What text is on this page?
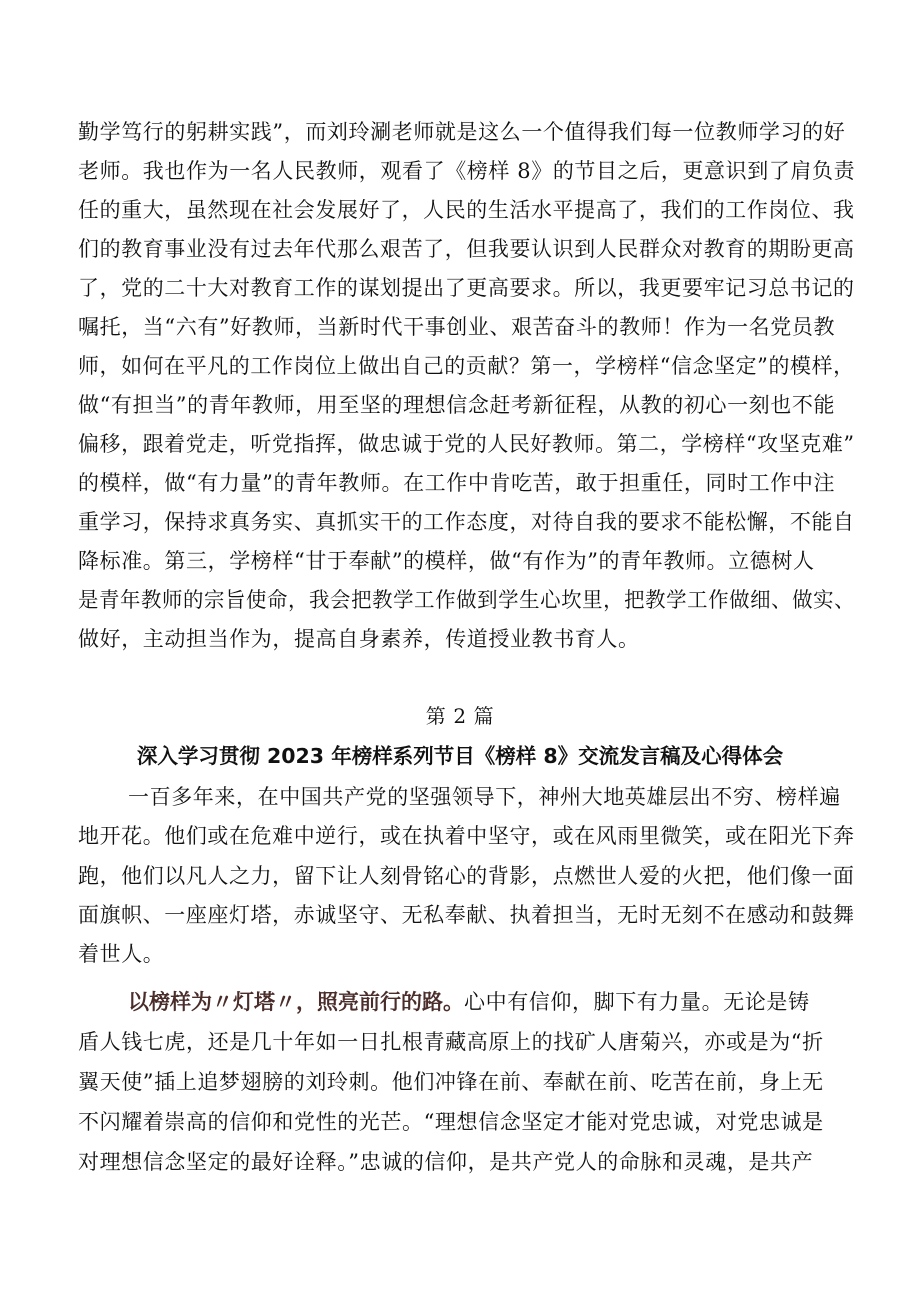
勤学笃行的躬耕实践”，而刘玲涮老师就是这么一个值得我们每一位教师学习的好
老师。我也作为一名人民教师，观看了《榜样 8》的节目之后，更意识到了肩负责
任的重大，虽然现在社会发展好了，人民的生活水平提高了，我们的工作岗位、我
们的教育事业没有过去年代那么艰苦了，但我要认识到人民群众对教育的期盼更高
了，党的二十大对教育工作的谋划提出了更高要求。所以，我更要牢记习总书记的
嘱托，当“六有”好教师，当新时代干事创业、艰苦奋斗的教师！作为一名党员教
师，如何在平凡的工作岗位上做出自己的贡献？第一，学榜样“信念坚定”的模样，
做“有担当”的青年教师，用至坚的理想信念赶考新征程，从教的初心一刻也不能
偏移，跟着党走，听党指挥，做忠诚于党的人民好教师。第二，学榜样“攻坚克难”
的模样，做“有力量”的青年教师。在工作中肯吃苦，敢于担重任，同时工作中注
重学习，保持求真务实、真抓实干的工作态度，对待自我的要求不能松懈，不能自
降标准。第三，学榜样“甘于奉献”的模样，做“有作为”的青年教师。立德树人
是青年教师的宗旨使命，我会把教学工作做到学生心坎里，把教学工作做细、做实、
做好，主动担当作为，提高自身素养，传道授业教书育人。
第 2 篇
深入学习贯彻 2023 年榜样系列节目《榜样 8》交流发言稿及心得体会
一百多年来，在中国共产党的坚强领导下，神州大地英雄层出不穷、榜样遍
地开花。他们或在危难中逆行，或在执着中坚守，或在风雨里微笑，或在阳光下奔
跑，他们以凡人之力，留下让人刻骨铭心的背影，点燃世人爱的火把，他们像一面
面旗帜、一座座灯塔，赤诚坚守、无私奉献、执着担当，无时无刻不在感动和鼓舞
着世人。
以榜样为〃灯塔〃，照亮前行的路。心中有信仰，脚下有力量。无论是铸
盾人钱七虎，还是几十年如一日扎根青藏高原上的找矿人唐菊兴，亦或是为“折
翼天使”插上追梦翅膀的刘玲刺。他们冲锋在前、奉献在前、吃苦在前，身上无
不闪耀着崇高的信仰和党性的光芒。“理想信念坚定才能对党忠诚，对党忠诚是
对理想信念坚定的最好诠释。”忠诚的信仰，是共产党人的命脉和灵魂，是共产
